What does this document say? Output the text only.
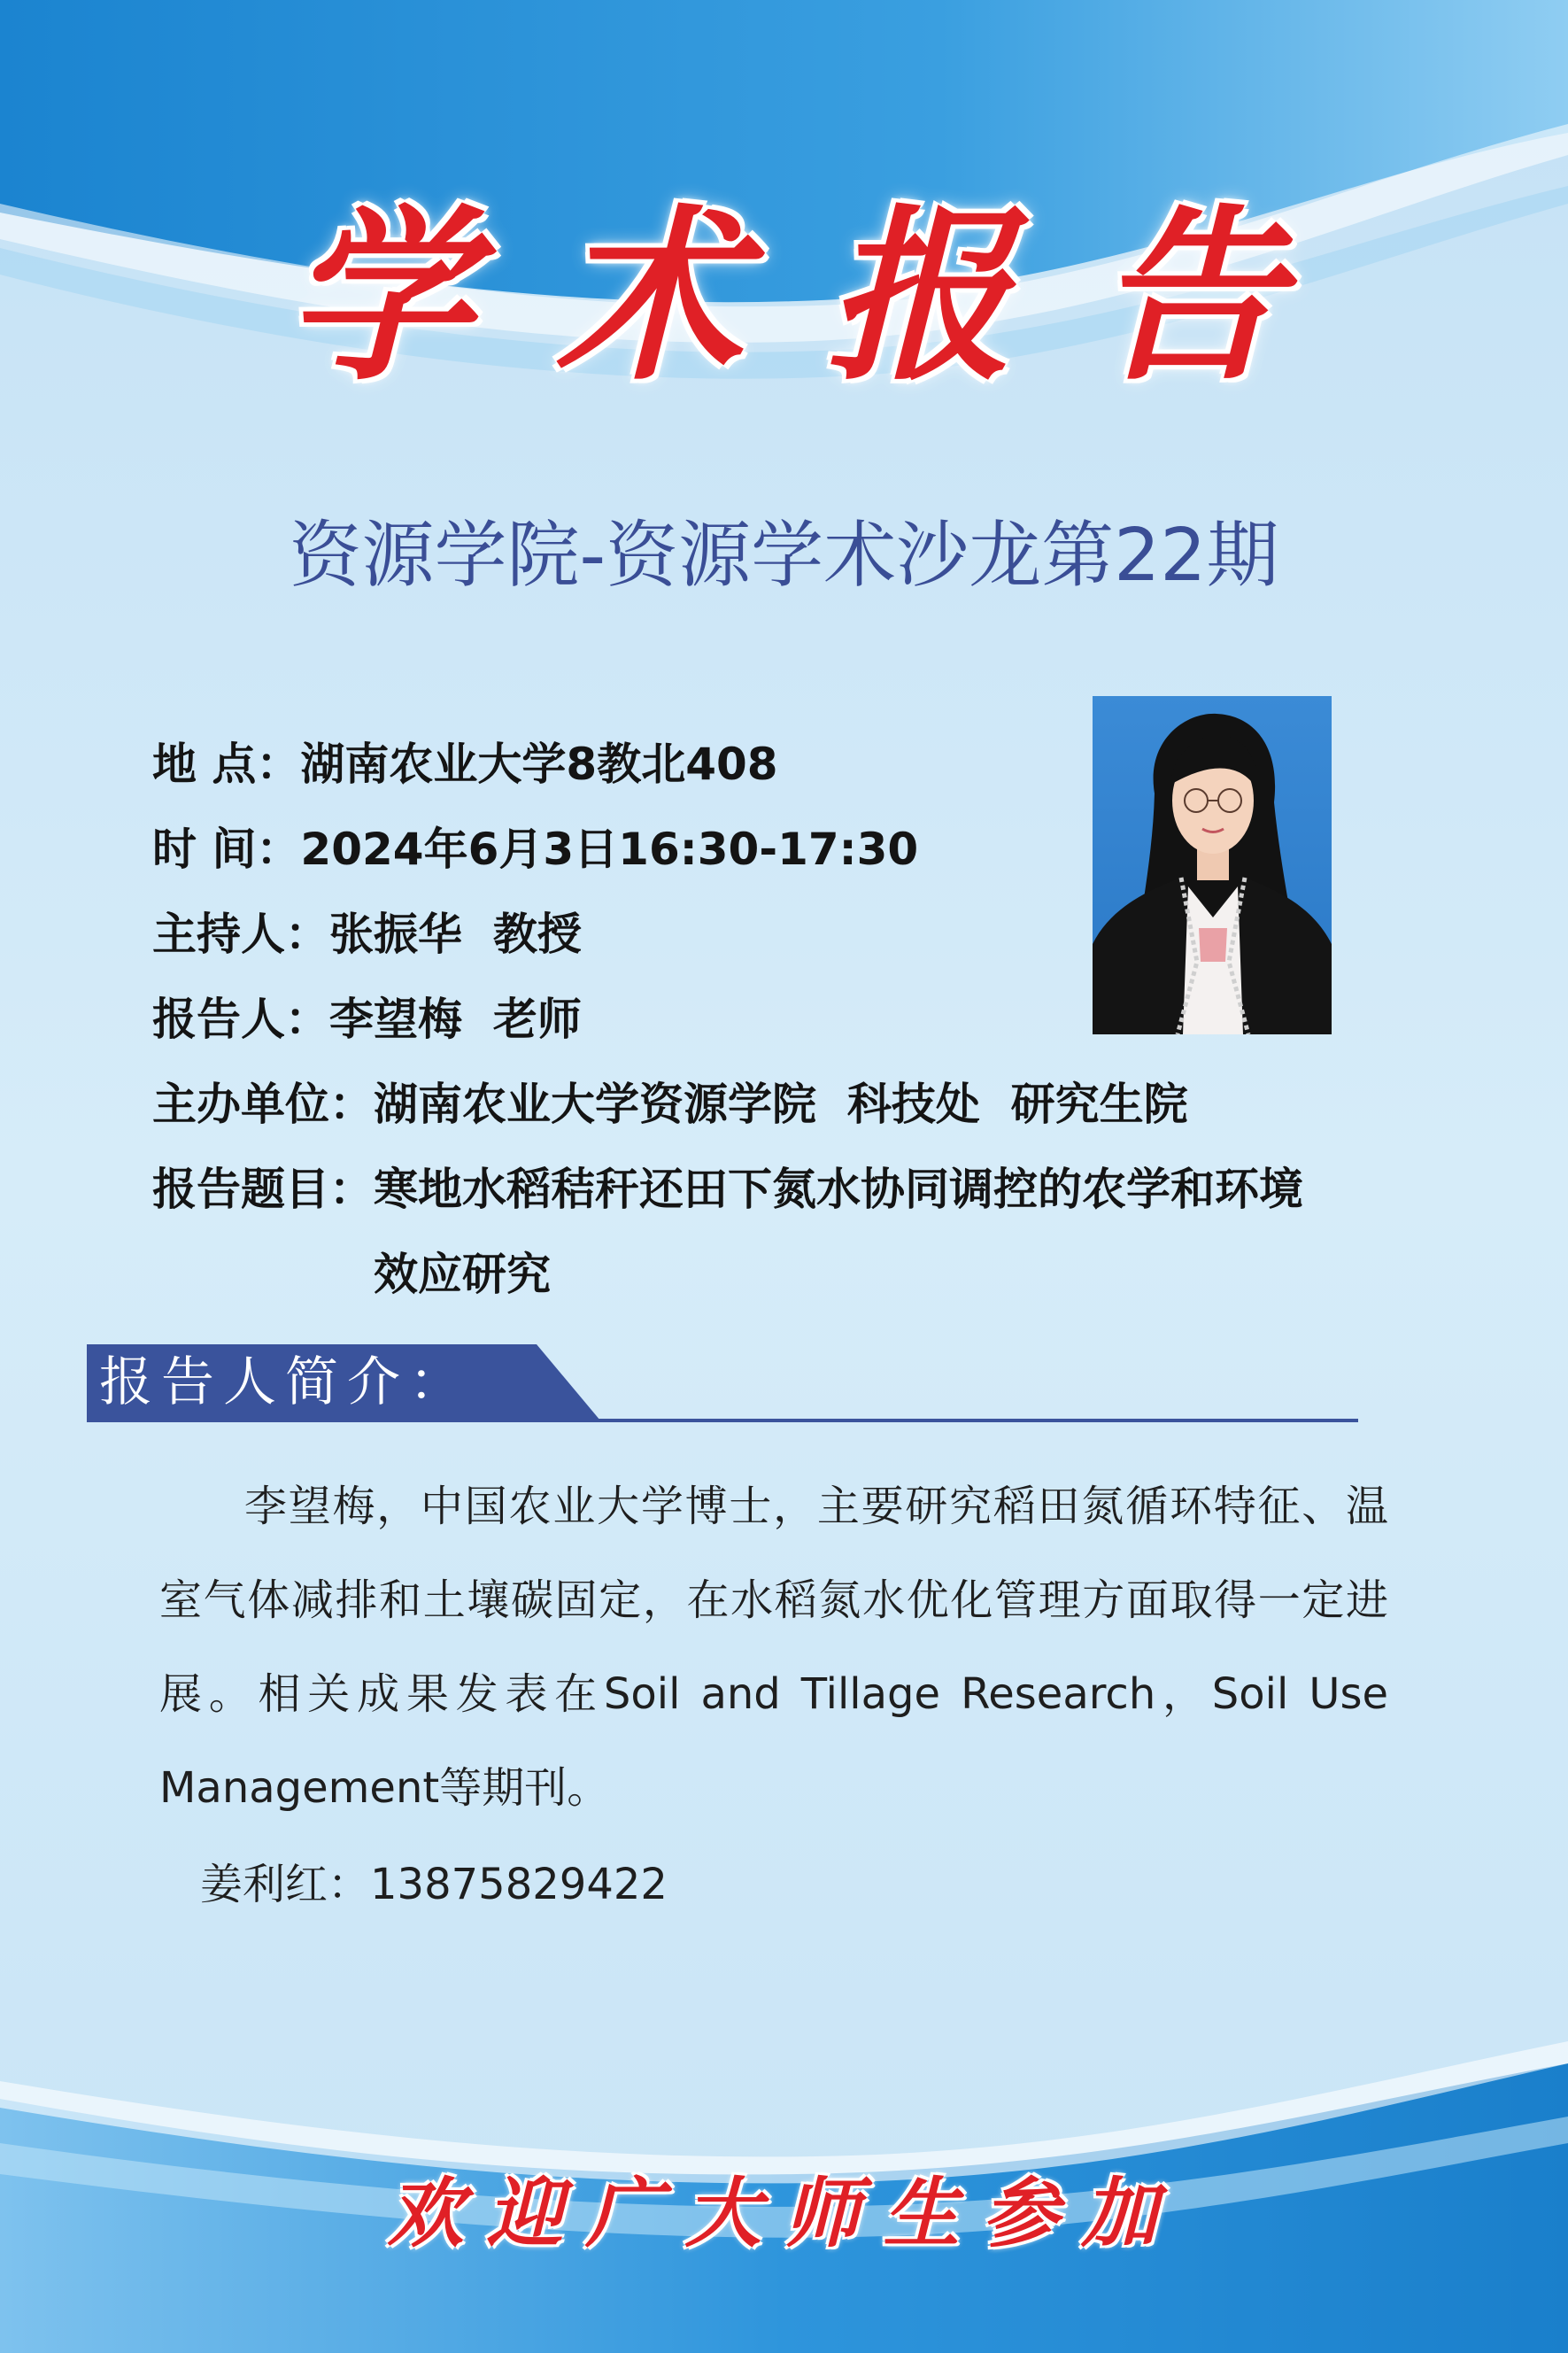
学术报告
资源学院-资源学术沙龙第22期
地 点： 湖南农业大学8教北408
时 间： 2024年6月3日16:30-17:30
主持人： 张振华  教授
报告人： 李望梅  老师
主办单位： 湖南农业大学资源学院  科技处  研究生院
报告题目： 寒地水稻秸秆还田下氮水协同调控的农学和环境效应研究
报告人简介：
李望梅，中国农业大学博士，主要研究稻田氮循环特征、温室气体减排和土壤碳固定，在水稻氮水优化管理方面取得一定进展。相关成果发表在Soil and Tillage Research，Soil Use Management等期刊。
姜利红：13875829422
欢迎广大师生参加
